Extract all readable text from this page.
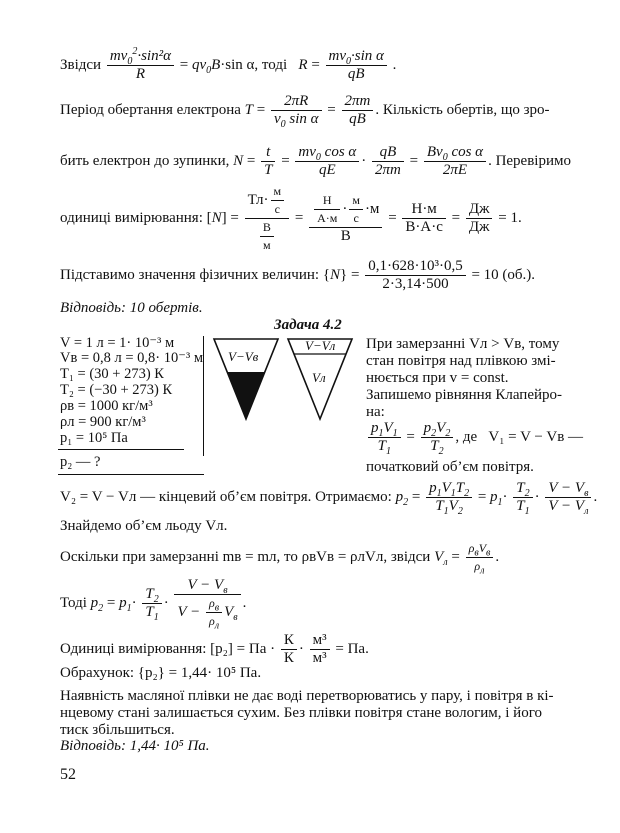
Звідси $\frac{mv_0^2\cdot\sin^2\alpha}{R} = qv_0B\cdot\sin$ α, тоді $R = \frac{mv_0\cdot\sin \alpha}{qB}$ .
Період обертання електрона $T = \frac{2\pi R}{v_0 \sin \alpha} = \frac{2\pi m}{qB}$ . Кількість обертів, що зро-
бить електрон до зупинки, $N = \frac{t}{T} = \frac{mv_0 \cos \alpha}{qE} \cdot \frac{qB}{2\pi m} = \frac{Bv_0 \cos \alpha}{2\pi E}$ . Перевіримо
одиниці вимірювання: $[N] = \frac{Тл\cdot \frac{м}{с}}{\frac{В}{м}} = \frac{\frac{Н}{А\cdot м} \cdot \frac{м}{с} \cdot м}{В} = \frac{Н\cdot м}{В\cdot А\cdot с} = \frac{Дж}{Дж} = 1$.
Підставимо значення фізичних величин: $\{N\} = \frac{\text{0,1·628·10³·0,5}}{2\cdot 3,14\cdot 500} = 10$ (об.).
Відповідь: 10 обертів.
Задача 4.2
V = 1 л = 1· 10⁻³ м
Vв = 0,8 л = 0,8· 10⁻³ м
T₁ = (30 + 273) К
T₂ = (−30 + 273) К
ρв = 1000 кг/м³
ρл = 900 кг/м³
p₁ = 10⁵ Па
p₂ — ?
V−Vв
V−Vл
Vл
При замерзанні Vл > Vв, тому
стан повітря над плівкою змі-
нюється при v = const.
Запишемо рівняння Клапейро-
на:
$\frac{p_1V_1}{T_1} = \frac{p_2V_2}{T_2}$ , де V₁ = V − Vв —
початковий об’єм повітря.
V₂ = V − Vл — кінцевий об’єм повітря. Отримаємо: $p_2 = \frac{p_1V_1T_2}{T_1V_2} = p_1\cdot \frac{T_2}{T_1} \cdot \frac{V - V_в}{V - V_л}$ .
Знайдемо об’єм льоду Vл.
Оскільки при замерзанні mв = mл, то ρвVв = ρлVл, звідси $V_л = \frac{\rho_вV_в}{\rho_л}$ .
Тоді $p_2 = p_1\cdot \frac{T_2}{T_1} \cdot \frac{V - V_в}{V - \frac{\rho_в}{\rho_л} V_в}$ .
Одиниці вимірювання: [p₂] = Па · $\frac{К}{К} \cdot \frac{\text{м³}}{\text{м³}}$ = Па.
Обрахунок: {p₂} = 1,44· 10⁵ Па.
Наявність масляної плівки не дає воді перетворюватись у пару, і повітря в кі-
нцевому стані залишається сухим. Без плівки повітря стане вологим, і його
тиск збільшиться.
Відповідь: 1,44· 10⁵ Па.
52
